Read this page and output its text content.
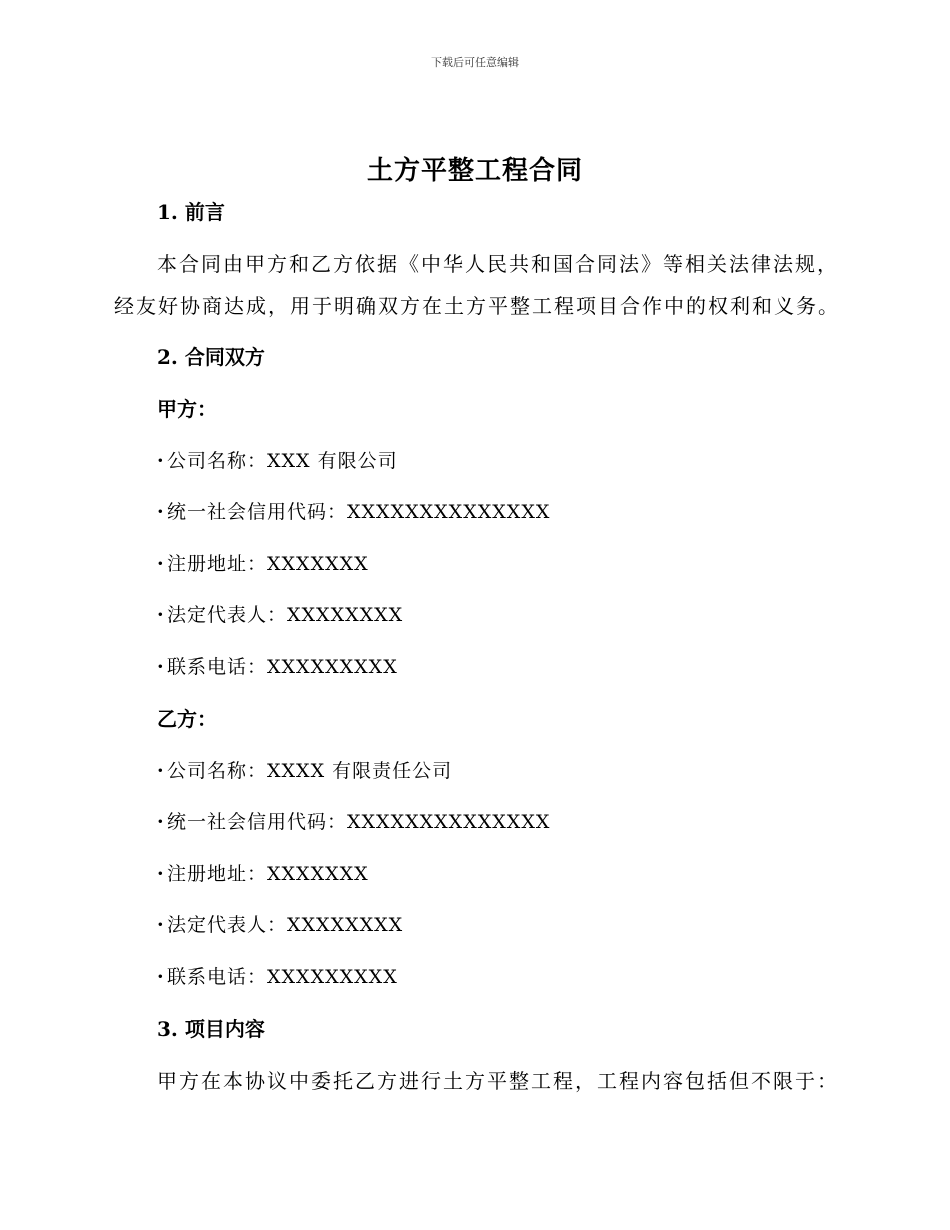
下载后可任意编辑
土方平整工程合同
1. 前言
本合同由甲方和乙方依据《中华人民共和国合同法》等相关法律法规，
经友好协商达成，用于明确双方在土方平整工程项目合作中的权利和义务。
2. 合同双方
甲方：
· 公司名称：XXX 有限公司
· 统一社会信用代码：XXXXXXXXXXXXXX
· 注册地址：XXXXXXX
· 法定代表人：XXXXXXXX
· 联系电话：XXXXXXXXX
乙方：
· 公司名称：XXXX 有限责任公司
· 统一社会信用代码：XXXXXXXXXXXXXX
· 注册地址：XXXXXXX
· 法定代表人：XXXXXXXX
· 联系电话：XXXXXXXXX
3. 项目内容
甲方在本协议中委托乙方进行土方平整工程，工程内容包括但不限于：
